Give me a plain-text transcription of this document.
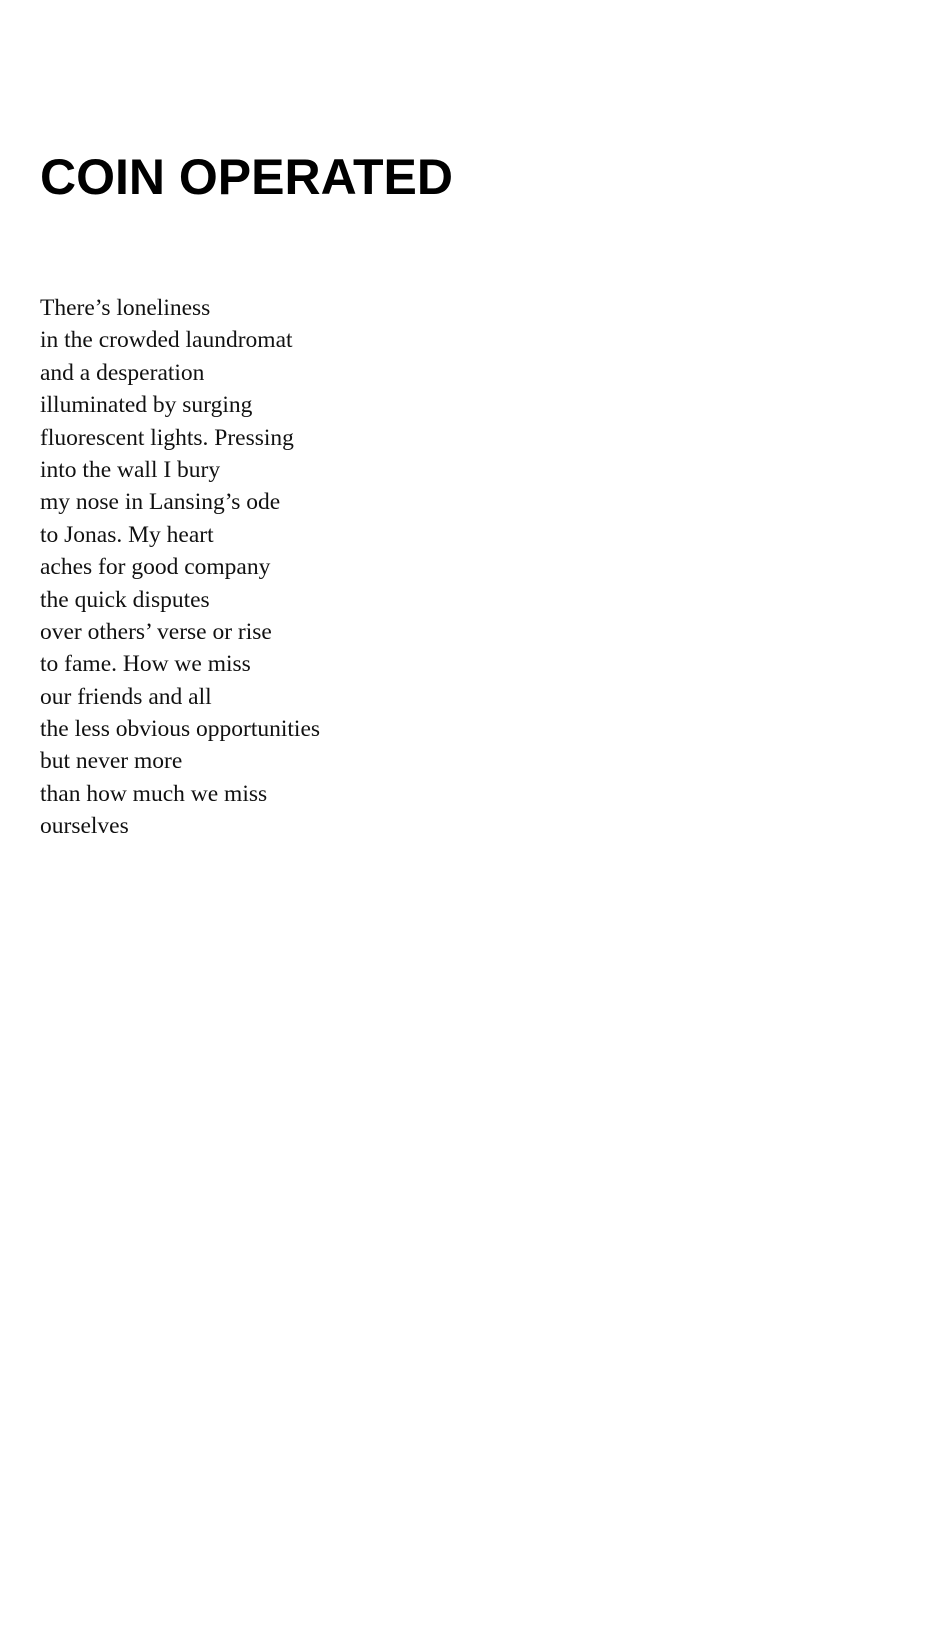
COIN OPERATED
There’s loneliness
in the crowded laundromat
and a desperation
illuminated by surging
fluorescent lights. Pressing
into the wall I bury
my nose in Lansing’s ode
to Jonas. My heart
aches for good company
the quick disputes
over others’ verse or rise
to fame. How we miss
our friends and all
the less obvious opportunities
but never more
than how much we miss
ourselves
